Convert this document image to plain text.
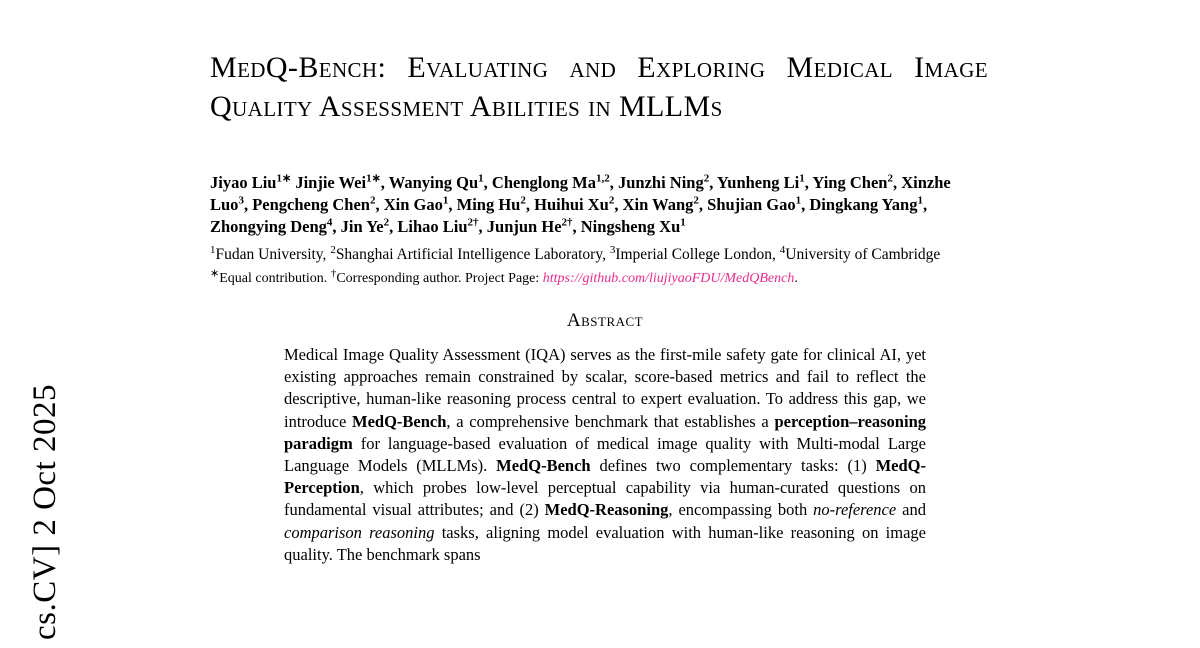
cs.CV] 2 Oct 2025
MedQ-Bench: Evaluating and Exploring Medical Image Quality Assessment Abilities in MLLMs
Jiyao Liu$^{1∗}$ Jinjie Wei$^{1∗}$, Wanying Qu$^1$, Chenglong Ma$^{1,2}$, Junzhi Ning$^2$, Yunheng Li$^1$, Ying Chen$^2$, Xinzhe Luo$^3$, Pengcheng Chen$^2$, Xin Gao$^1$, Ming Hu$^2$, Huihui Xu$^2$, Xin Wang$^2$, Shujian Gao$^1$, Dingkang Yang$^1$, Zhongying Deng$^4$, Jin Ye$^2$, Lihao Liu$^{2\dagger}$, Junjun $He^{2\dagger}$, Ningsheng Xu$^1$
$^1$Fudan University, $^2$Shanghai Artificial Intelligence Laboratory, $^3$Imperial College London, $^4$University of Cambridge
∗Equal contribution. †Corresponding author. Project Page: https://github.com/liujiyaoFDU/MedQBench.
Abstract
Medical Image Quality Assessment (IQA) serves as the first-mile safety gate for clinical AI, yet existing approaches remain constrained by scalar, score-based metrics and fail to reflect the descriptive, human-like reasoning process central to expert evaluation. To address this gap, we introduce MedQ-Bench, a comprehensive benchmark that establishes a perception–reasoning paradigm for language-based evaluation of medical image quality with Multi-modal Large Language Models (MLLMs). MedQ-Bench defines two complementary tasks: (1) MedQ-Perception, which probes low-level perceptual capability via human-curated questions on fundamental visual attributes; and (2) MedQ-Reasoning, encompassing both no-reference and comparison reasoning tasks, aligning model evaluation with human-like reasoning on image quality. The benchmark spans
